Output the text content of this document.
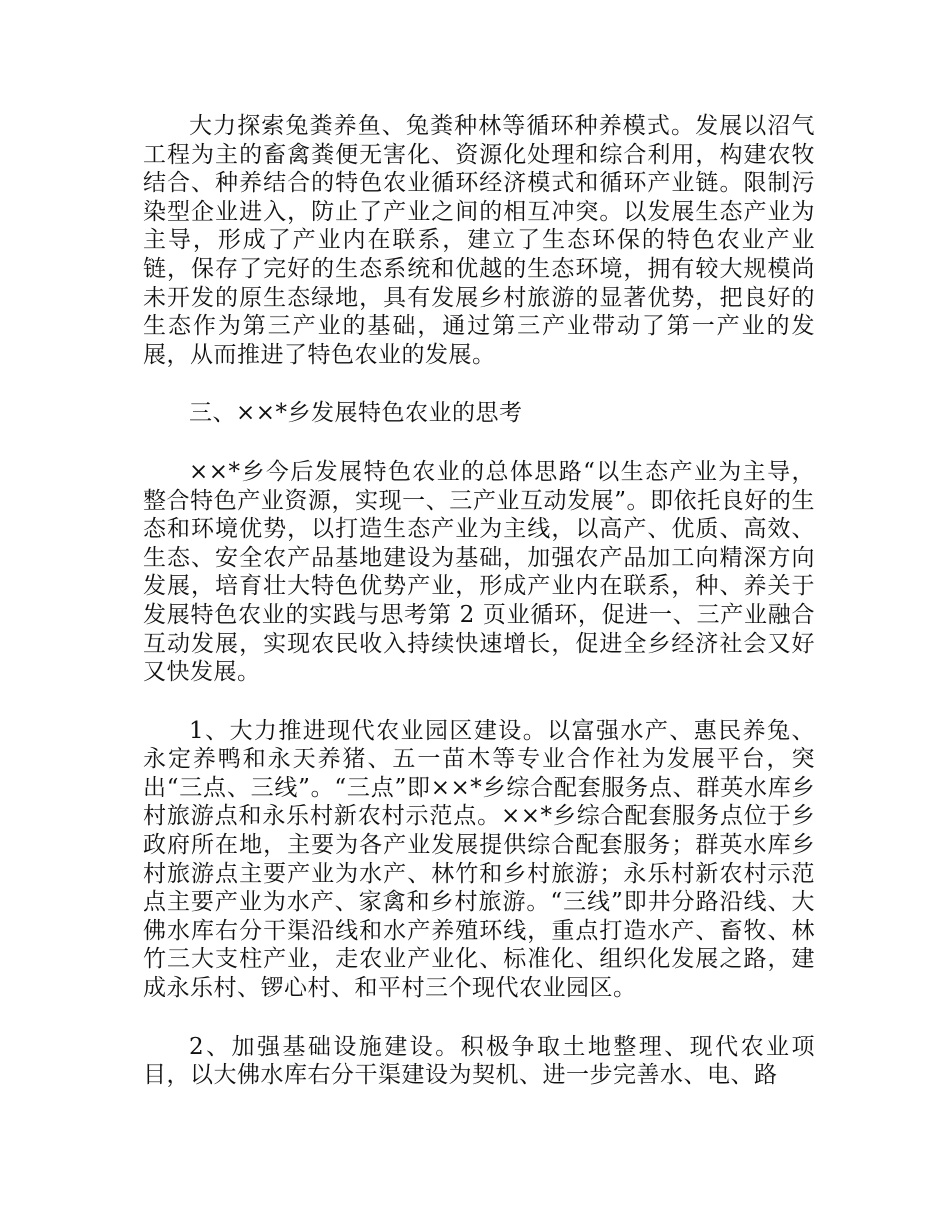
大力探索兔粪养鱼、兔粪种林等循环种养模式。发展以沼气工程为主的畜禽粪便无害化、资源化处理和综合利用，构建农牧结合、种养结合的特色农业循环经济模式和循环产业链。限制污染型企业进入，防止了产业之间的相互冲突。以发展生态产业为主导，形成了产业内在联系，建立了生态环保的特色农业产业链，保存了完好的生态系统和优越的生态环境，拥有较大规模尚未开发的原生态绿地，具有发展乡村旅游的显著优势，把良好的生态作为第三产业的基础，通过第三产业带动了第一产业的发展，从而推进了特色农业的发展。

三、××*乡发展特色农业的思考

××*乡今后发展特色农业的总体思路“以生态产业为主导，整合特色产业资源，实现一、三产业互动发展”。即依托良好的生态和环境优势，以打造生态产业为主线，以高产、优质、高效、生态、安全农产品基地建设为基础，加强农产品加工向精深方向发展，培育壮大特色优势产业，形成产业内在联系，种、养关于发展特色农业的实践与思考第 2 页业循环，促进一、三产业融合互动发展，实现农民收入持续快速增长，促进全乡经济社会又好又快发展。

1、大力推进现代农业园区建设。以富强水产、惠民养兔、永定养鸭和永天养猪、五一苗木等专业合作社为发展平台，突出“三点、三线”。“三点”即××*乡综合配套服务点、群英水库乡村旅游点和永乐村新农村示范点。××*乡综合配套服务点位于乡政府所在地，主要为各产业发展提供综合配套服务；群英水库乡村旅游点主要产业为水产、林竹和乡村旅游；永乐村新农村示范点主要产业为水产、家禽和乡村旅游。“三线”即井分路沿线、大佛水库右分干渠沿线和水产养殖环线，重点打造水产、畜牧、林竹三大支柱产业，走农业产业化、标准化、组织化发展之路，建成永乐村、锣心村、和平村三个现代农业园区。

2、加强基础设施建设。积极争取土地整理、现代农业项目，以大佛水库右分干渠建设为契机、进一步完善水、电、路
